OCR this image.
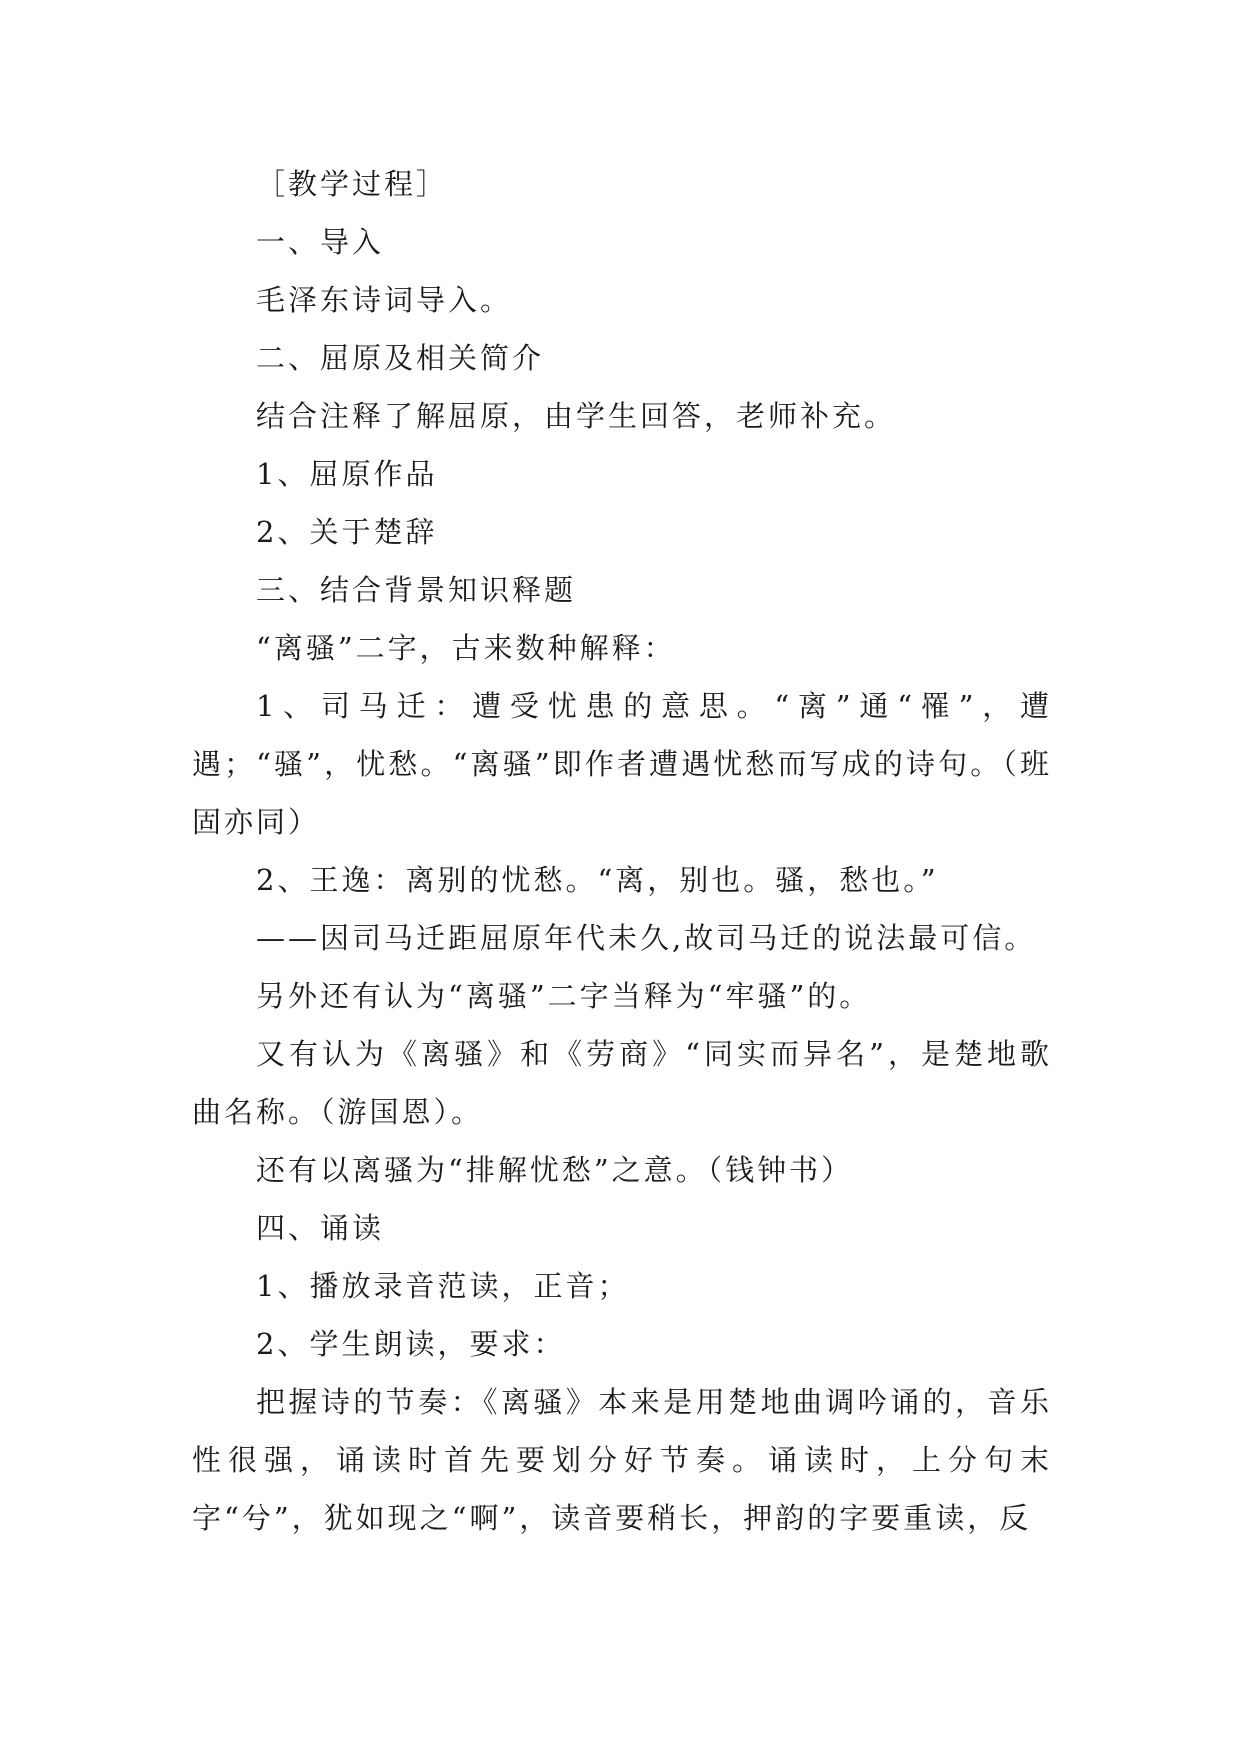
［教学过程］

一、导入

毛泽东诗词导入。

二、屈原及相关简介

结合注释了解屈原，由学生回答，老师补充。

1、屈原作品

2、关于楚辞

三、结合背景知识释题

“离骚”二字，古来数种解释：

1、司马迁：遭受忧患的意思。“离”通“罹”，遭遇；“骚”，忧愁。“离骚”即作者遭遇忧愁而写成的诗句。（班固亦同）

2、王逸：离别的忧愁。“离，别也。骚，愁也。”

——因司马迁距屈原年代未久,故司马迁的说法最可信。

另外还有认为“离骚”二字当释为“牢骚”的。

又有认为《离骚》和《劳商》“同实而异名”，是楚地歌曲名称。（游国恩）。

还有以离骚为“排解忧愁”之意。（钱钟书）

四、诵读

1、播放录音范读，正音；

2、学生朗读，要求：

把握诗的节奏：《离骚》本来是用楚地曲调吟诵的，音乐性很强，诵读时首先要划分好节奏。诵读时，上分句末字“兮”，犹如现之“啊”，读音要稍长，押韵的字要重读，反
